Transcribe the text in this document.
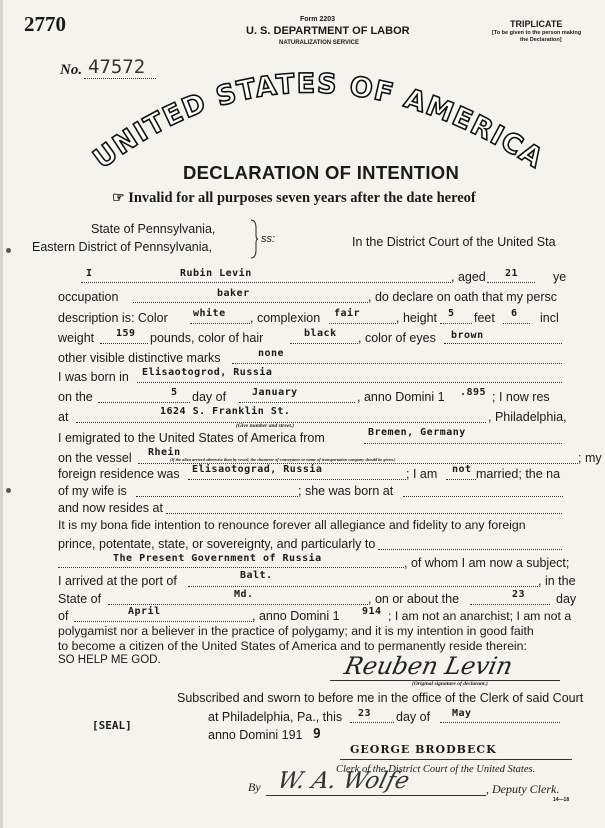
2770	Form 2203
U. S. DEPARTMENT OF LABOR
NATURALIZATION SERVICE
TRIPLICATE
[To be given to the person making
the Declaration]
No. 47572
UNITED STATES OF AMERICA
DECLARATION OF INTENTION
☞ Invalid for all purposes seven years after the date hereof
State of Pennsylvania,
Eastern District of Pennsylvania,
ss:	In the District Court of the United Sta
I	Rubin Levin	, aged 21	ye
occupation	baker	, do declare on oath that my persc
description is: Color	white , complexion fair	, height 5 feet 6 incl
weight 159 pounds, color of hair	black , color of eyes brown
other visible distinctive marks	none
I was born in Elisaotogrod, Russia
on the	5 day of	January	, anno Domini 1 .895 ; I now res
at	1624 S. Franklin St.
(Give number and street.)
, Philadelphia,
I emigrated to the United States of America from	Bremen, Germany
on the vessel Rhein
(If the alien arrived otherwise than by vessel, the character of conveyance or name of transportation company should be given.)	; my
foreign residence was Elisaotograd, Russia	; I am not married; the na
of my wife is	; she was born at
and now resides at
It is my bona fide intention to renounce forever all allegiance and fidelity to any foreign
prince, potentate, state, or sovereignty, and particularly to
The Present Government of Russia	, of whom I am now a subject;
I arrived at the port of	Balt.	, in the
State of	Md.	, on or about the	23 day
of	April	, anno Domini 1 914 ; I am not an anarchist; I am not a
polygamist nor a believer in the practice of polygamy; and it is my intention in good faith
to become a citizen of the United States of America and to permanently reside therein:
SO HELP ME GOD.	Reuben Levin
(Original signature of declarant.)
Subscribed and sworn to before me in the office of the Clerk of said Court
at Philadelphia, Pa., this 23 day of May
[SEAL]
anno Domini 191 9
GEORGE BRODBECK
Clerk of the District Court of the United States.
By W. A. Wolfe	, Deputy Clerk.
14—18
